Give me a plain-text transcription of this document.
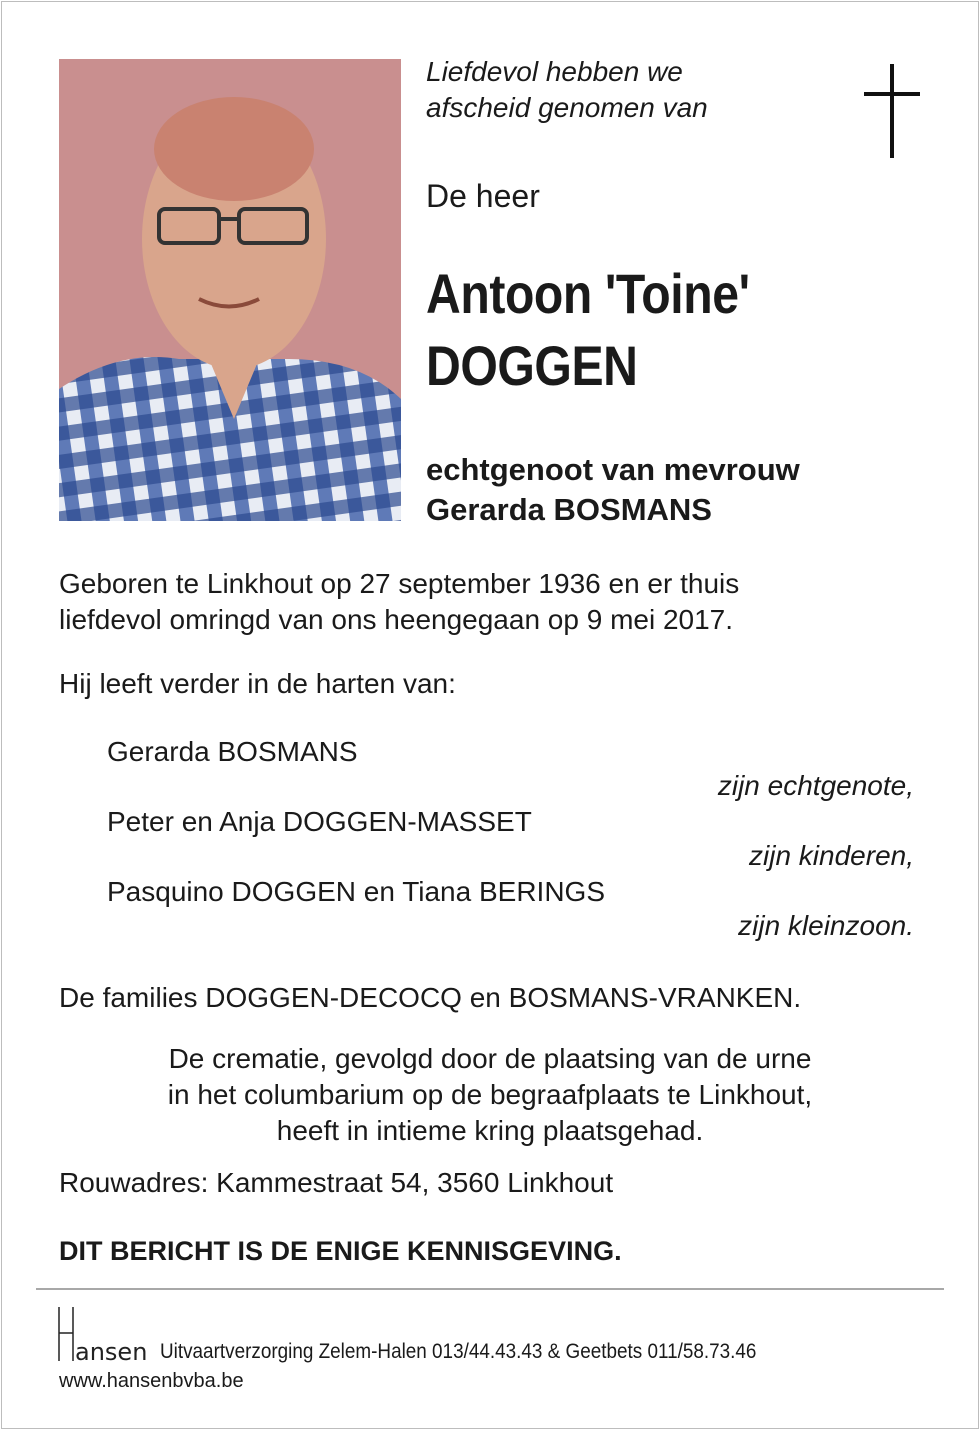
Liefdevol hebben we
afscheid genomen van
De heer
Antoon 'Toine'
DOGGEN
echtgenoot van mevrouw
Gerarda BOSMANS
Geboren te Linkhout op 27 september 1936 en er thuis
liefdevol omringd van ons heengegaan op 9 mei 2017.
Hij leeft verder in de harten van:
Gerarda BOSMANS
zijn echtgenote,
Peter en Anja DOGGEN-MASSET
zijn kinderen,
Pasquino DOGGEN en Tiana BERINGS
zijn kleinzoon.
De families DOGGEN-DECOCQ en BOSMANS-VRANKEN.
De crematie, gevolgd door de plaatsing van de urne
in het columbarium op de begraafplaats te Linkhout,
heeft in intieme kring plaatsgehad.
Rouwadres: Kammestraat 54, 3560 Linkhout
DIT BERICHT IS DE ENIGE KENNISGEVING.
ansen Uitvaartverzorging Zelem-Halen 013/44.43.43 & Geetbets 011/58.73.46
www.hansenbvba.be
